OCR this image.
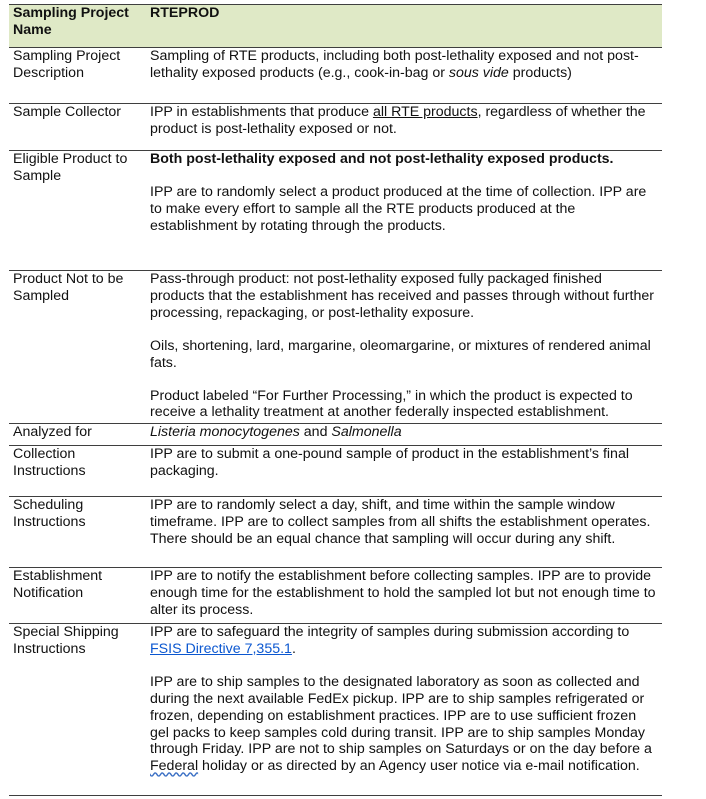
Sampling Project Name
RTEPROD
Sampling Project Description
Sampling of RTE products, including both post-lethality exposed and not post-lethality exposed products (e.g., cook-in-bag or sous vide products)
Sample Collector	IPP in establishments that produce all RTE products, regardless of whether the product is post-lethality exposed or not.
Eligible Product to Sample

Both post-lethality exposed and not post-lethality exposed products.

IPP are to randomly select a product produced at the time of collection. IPP are to make every effort to sample all the RTE products produced at the establishment by rotating through the products.

Product Not to be Sampled

Pass-through product: not post-lethality exposed fully packaged finished products that the establishment has received and passes through without further processing, repackaging, or post-lethality exposure.

Oils, shortening, lard, margarine, oleomargarine, or mixtures of rendered animal fats.

Product labeled “For Further Processing,” in which the product is expected to receive a lethality treatment at another federally inspected establishment.

Analyzed for	Listeria monocytogenes and Salmonella
Collection Instructions
IPP are to submit a one-pound sample of product in the establishment’s final packaging.
Scheduling Instructions
IPP are to randomly select a day, shift, and time within the sample window timeframe. IPP are to collect samples from all shifts the establishment operates. There should be an equal chance that sampling will occur during any shift.
Establishment Notification
IPP are to notify the establishment before collecting samples. IPP are to provide enough time for the establishment to hold the sampled lot but not enough time to alter its process.
Special Shipping Instructions

IPP are to safeguard the integrity of samples during submission according to FSIS Directive 7,355.1.

IPP are to ship samples to the designated laboratory as soon as collected and during the next available FedEx pickup. IPP are to ship samples refrigerated or frozen, depending on establishment practices. IPP are to use sufficient frozen gel packs to keep samples cold during transit. IPP are to ship samples Monday through Friday. IPP are not to ship samples on Saturdays or on the day before a Federal holiday or as directed by an Agency user notice via e-mail notification.
